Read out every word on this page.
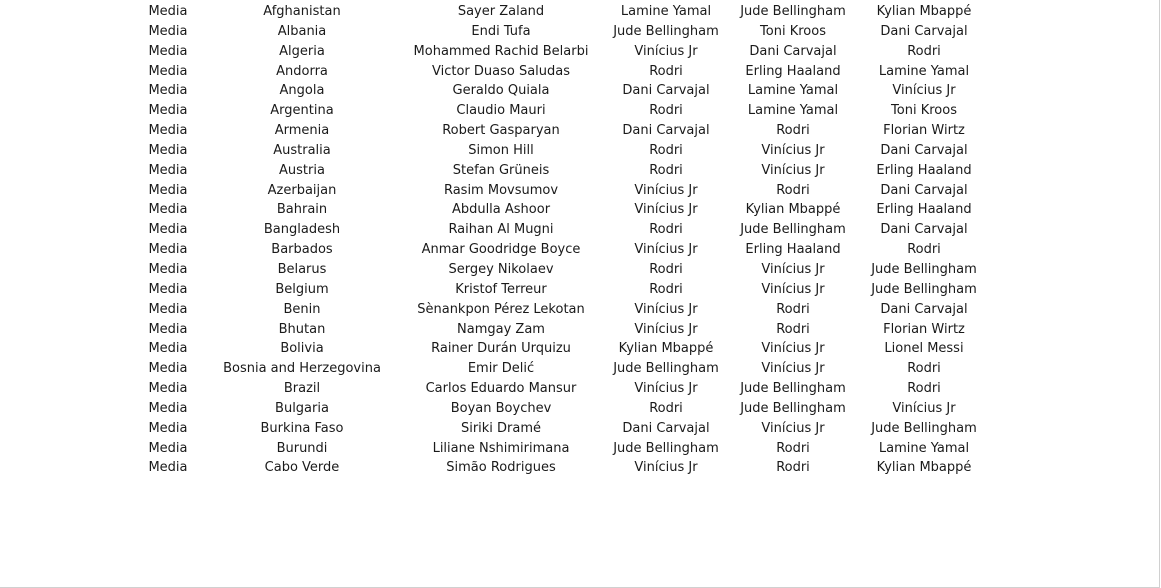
Media	Afghanistan	Sayer Zaland	Lamine Yamal	Jude Bellingham	Kylian Mbappé
Media	Albania	Endi Tufa	Jude Bellingham	Toni Kroos	Dani Carvajal
Media	Algeria	Mohammed Rachid Belarbi	Vinícius Jr	Dani Carvajal	Rodri
Media	Andorra	Victor Duaso Saludas	Rodri	Erling Haaland	Lamine Yamal
Media	Angola	Geraldo Quiala	Dani Carvajal	Lamine Yamal	Vinícius Jr
Media	Argentina	Claudio Mauri	Rodri	Lamine Yamal	Toni Kroos
Media	Armenia	Robert Gasparyan	Dani Carvajal	Rodri	Florian Wirtz
Media	Australia	Simon Hill	Rodri	Vinícius Jr	Dani Carvajal
Media	Austria	Stefan Grüneis	Rodri	Vinícius Jr	Erling Haaland
Media	Azerbaijan	Rasim Movsumov	Vinícius Jr	Rodri	Dani Carvajal
Media	Bahrain	Abdulla Ashoor	Vinícius Jr	Kylian Mbappé	Erling Haaland
Media	Bangladesh	Raihan Al Mugni	Rodri	Jude Bellingham	Dani Carvajal
Media	Barbados	Anmar Goodridge Boyce	Vinícius Jr	Erling Haaland	Rodri
Media	Belarus	Sergey Nikolaev	Rodri	Vinícius Jr	Jude Bellingham
Media	Belgium	Kristof Terreur	Rodri	Vinícius Jr	Jude Bellingham
Media	Benin	Sènankpon Pérez Lekotan	Vinícius Jr	Rodri	Dani Carvajal
Media	Bhutan	Namgay Zam	Vinícius Jr	Rodri	Florian Wirtz
Media	Bolivia	Rainer Durán Urquizu	Kylian Mbappé	Vinícius Jr	Lionel Messi
Media	Bosnia and Herzegovina	Emir Delić	Jude Bellingham	Vinícius Jr	Rodri
Media	Brazil	Carlos Eduardo Mansur	Vinícius Jr	Jude Bellingham	Rodri
Media	Bulgaria	Boyan Boychev	Rodri	Jude Bellingham	Vinícius Jr
Media	Burkina Faso	Siriki Dramé	Dani Carvajal	Vinícius Jr	Jude Bellingham
Media	Burundi	Liliane Nshimirimana	Jude Bellingham	Rodri	Lamine Yamal
Media	Cabo Verde	Simão Rodrigues	Vinícius Jr	Rodri	Kylian Mbappé
